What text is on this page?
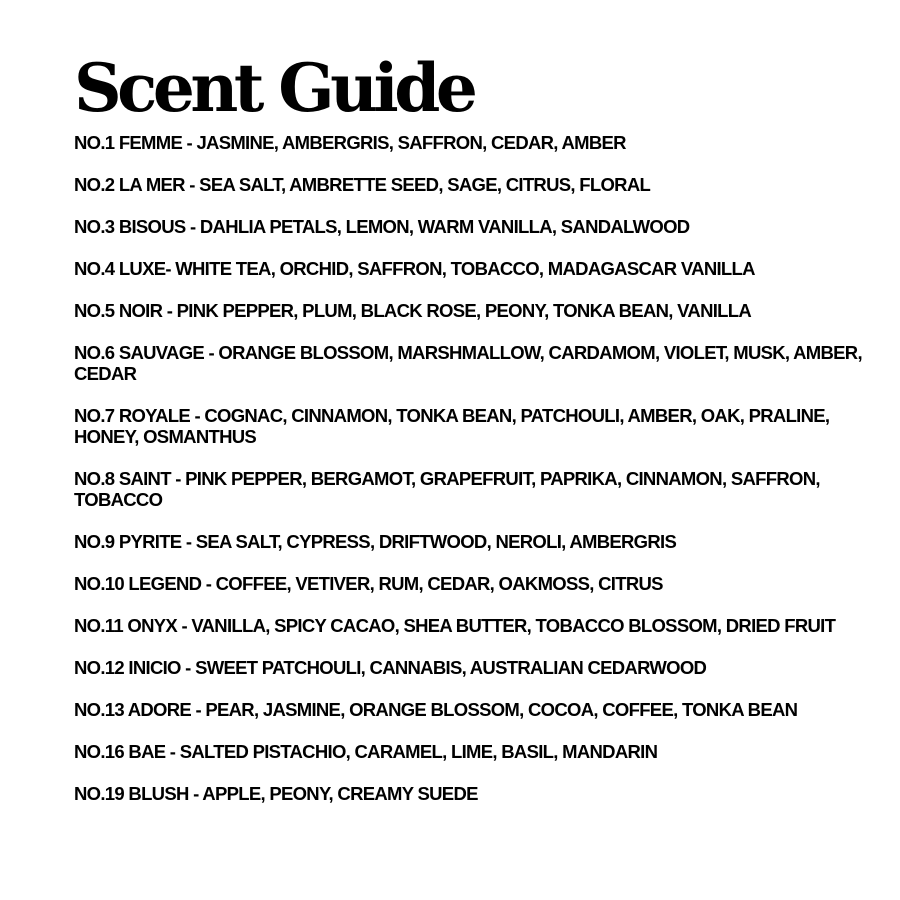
Scent Guide
NO.1 FEMME - JASMINE, AMBERGRIS, SAFFRON, CEDAR, AMBER
NO.2 LA MER - SEA SALT, AMBRETTE SEED, SAGE, CITRUS, FLORAL
NO.3 BISOUS - DAHLIA PETALS, LEMON, WARM VANILLA, SANDALWOOD
NO.4 LUXE- WHITE TEA, ORCHID, SAFFRON, TOBACCO, MADAGASCAR VANILLA
NO.5 NOIR - PINK PEPPER, PLUM, BLACK ROSE, PEONY, TONKA BEAN, VANILLA
NO.6 SAUVAGE - ORANGE BLOSSOM, MARSHMALLOW, CARDAMOM, VIOLET, MUSK, AMBER, CEDAR
NO.7 ROYALE - COGNAC, CINNAMON, TONKA BEAN, PATCHOULI, AMBER, OAK, PRALINE, HONEY, OSMANTHUS
NO.8 SAINT - PINK PEPPER, BERGAMOT, GRAPEFRUIT, PAPRIKA, CINNAMON, SAFFRON, TOBACCO
NO.9 PYRITE - SEA SALT, CYPRESS, DRIFTWOOD, NEROLI, AMBERGRIS
NO.10 LEGEND - COFFEE, VETIVER, RUM, CEDAR, OAKMOSS, CITRUS
NO.11 ONYX - VANILLA, SPICY CACAO, SHEA BUTTER, TOBACCO BLOSSOM, DRIED FRUIT
NO.12 INICIO - SWEET PATCHOULI, CANNABIS, AUSTRALIAN CEDARWOOD
NO.13 ADORE - PEAR, JASMINE, ORANGE BLOSSOM, COCOA, COFFEE, TONKA BEAN
NO.16 BAE - SALTED PISTACHIO, CARAMEL, LIME, BASIL, MANDARIN
NO.19 BLUSH - APPLE, PEONY, CREAMY SUEDE
